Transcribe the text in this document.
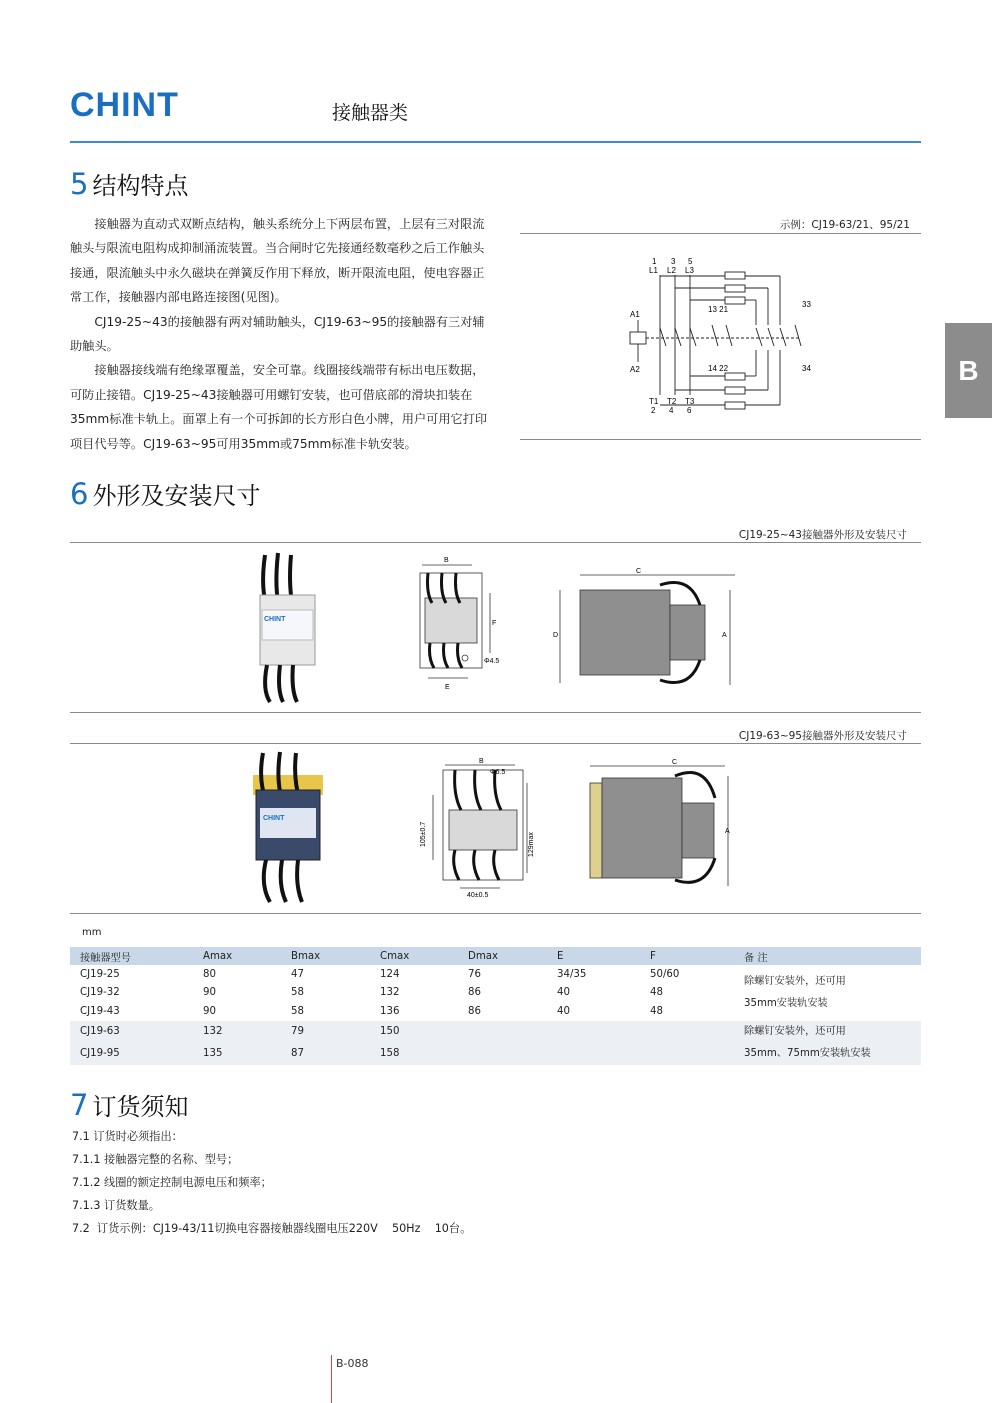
CHINT	接触器类
B
5 结构特点

接触器为直动式双断点结构，触头系统分上下两层布置，上层有三对限流触头与限流电阻构成抑制涌流装置。当合闸时它先接通经数毫秒之后工作触头接通，限流触头中永久磁块在弹簧反作用下释放，断开限流电阻，使电容器正常工作，接触器内部电路连接图(见图)。

CJ19-25~43的接触器有两对辅助触头，CJ19-63~95的接触器有三对辅助触头。

接触器接线端有绝缘罩覆盖，安全可靠。线圈接线端带有标出电压数据，可防止接错。CJ19-25~43接触器可用螺钉安装，也可借底部的滑块扣装在35mm标准卡轨上。面罩上有一个可拆卸的长方形白色小牌，用户可用它打印项目代号等。CJ19-63~95可用35mm或75mm标准卡轨安装。

示例：CJ19-63/21、95/21
1 3 5
L1 L2 L3
A1
A2
13 21
14 22
33
34
T1 T2 T3
2 4 6
6 外形及安装尺寸
CJ19-25~43接触器外形及安装尺寸
CHINT
B
F
Φ4.5
E
C
D	A
CJ19-63~95接触器外形及安装尺寸
CHINT
B
Φ6.5
105±0.7	129max
40±0.5
C
A
mm
接触器型号	Amax	Bmax	Cmax	Dmax	E	F	备 注
CJ19-25	80	47	124	76	34/35	50/60	除螺钉安装外，还可用
35mm安装轨安装

CJ19-32	90	58	132	86	40	48	
CJ19-43	90	58	136	86	40	48	
CJ19-63	132	79	150				除螺钉安装外，还可用
35mm、75mm安装轨安装

CJ19-95	135	87	158				
7 订货须知
7.1 订货时必须指出：
7.1.1 接触器完整的名称、型号；
7.1.2 线圈的额定控制电源电压和频率；
7.1.3 订货数量。
7.2  订货示例：CJ19-43/11切换电容器接触器线圈电压220V    50Hz    10台。
B-088
